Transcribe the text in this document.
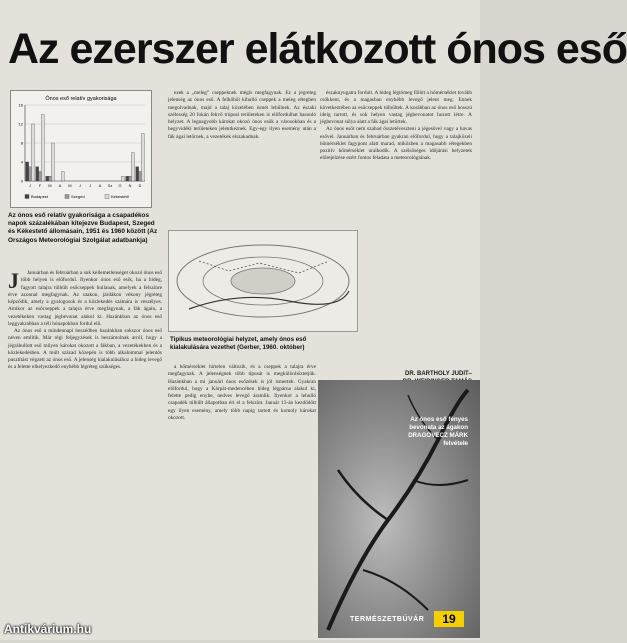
Az ezerszer elátkozott ónos eső
Ónos eső relatív gyakorisága
0
4
8
12
16
J F M A M J J A Sz O N D
Budapest	Szeged	Kékestető
Az ónos eső relatív gyakorisága a csapadékos napok százalékában kitejezve Budapest, Szeged és Kékestető állomásain, 1951 és 1960 között (Az Országos Meteorológiai Szolgálat adatbankja)
J	Januárban és februárban a sok kellemetlenséget okozó ónos eső több helyen is előfordul. Ilyenkor ónos eső esik, ha a hideg, fagyott talajra túlhűlt esőcseppek hullanak, amelyek a felszínre érve azonnal megfagynak. Az utakon, járdákon vékony jégréteg képződik, amely a gyalogosok és a közlekedés számára is veszélyes. Amikor az esőcseppek a talajra érve megfagynak, a fák ágain, a vezetékeken vastag jégbevonat alakul ki. Hazánkban az ónos eső leggyakrabban a téli hónapokban fordul elő.

Az ónos eső a mindennapi beszédben hazánkban sokszor ónos eső néven említik. Már régi feljegyzések is beszámolnak arról, hogy a jégráhullott eső milyen károkat okozott a fákban, a vezetékekben és a közlekedésben. A múlt század közepén is több alkalommal jelentős pusztítást végzett az ónos eső. A jelenség kialakulásához a hideg levegő és a felette elhelyezkedő enyhébb légréteg szükséges.

ezek a „meleg” cseppeknek mégis megfagynak. Ez a jégréteg jelenség az ónos eső. A felhőből kihulló cseppek a meleg rétegben megolvadnak, majd a talaj közelében ismét lehűlnek. Az északi szélesség 20 fokán fekvő trópusi területeken is előfordulhat hasonló helyzet. A legnagyobb károkat okozó ónos esők a városokban és a hegyvidéki területeken jelentkeznek. Egy-egy ilyen esemény után a fák ágai letörnek, a vezetékek elszakadnak.

Tipikus meteorológiai helyzet, amely ónos eső kialakulására vezethet (Gerber, 1960. október)

a hőmérséklet hirtelen változik, és a cseppek a talajra érve megfagynak. A jelenségnek több típusát is megkülönböztetjük. Hazánkban a mi januári ónos esőzések is jól ismertek. Gyakran előfordul, hogy a Kárpát-medencében hideg légpárna alakul ki, felette pedig enyhe, nedves levegő áramlik. Ilyenkor a lehulló csapadék túlhűlt állapotban éri el a felszínt. Január 13-án kezdődött egy ilyen esemény, amely több napig tartott és komoly károkat okozott.

északnyugatra fordult. A hideg légtömeg fölött a hőmérséklet tovább csökkent, és a magasban enyhébb levegő jelent meg. Ennek következtében az esőcseppek túlhűltek. A korábban az ónos eső hosszú ideig tartott, és sok helyen vastag jégbevonatot hozott létre. A jégbevonat súlya alatt a fák ágai letörtek.

Az ónos esőt nem szabad összetéveszteni a jégesővel vagy a havas esővel. Januárban és februárban gyakran előfordul, hogy a talajközeli hőmérséklet fagypont alatt marad, miközben a magasabb rétegekben pozitív hőmérséklet uralkodik. A szélsőséges időjárási helyzetek előrejelzése ezért fontos feladata a meteorológiának.

DR. BARTHOLY JUDIT–
Az ónos eső fényes
bevonata az ágakon
DRAGOVECZ MÁRK
felvétele
TERMÉSZETBÚVÁR	19
Antikvárium.hu
